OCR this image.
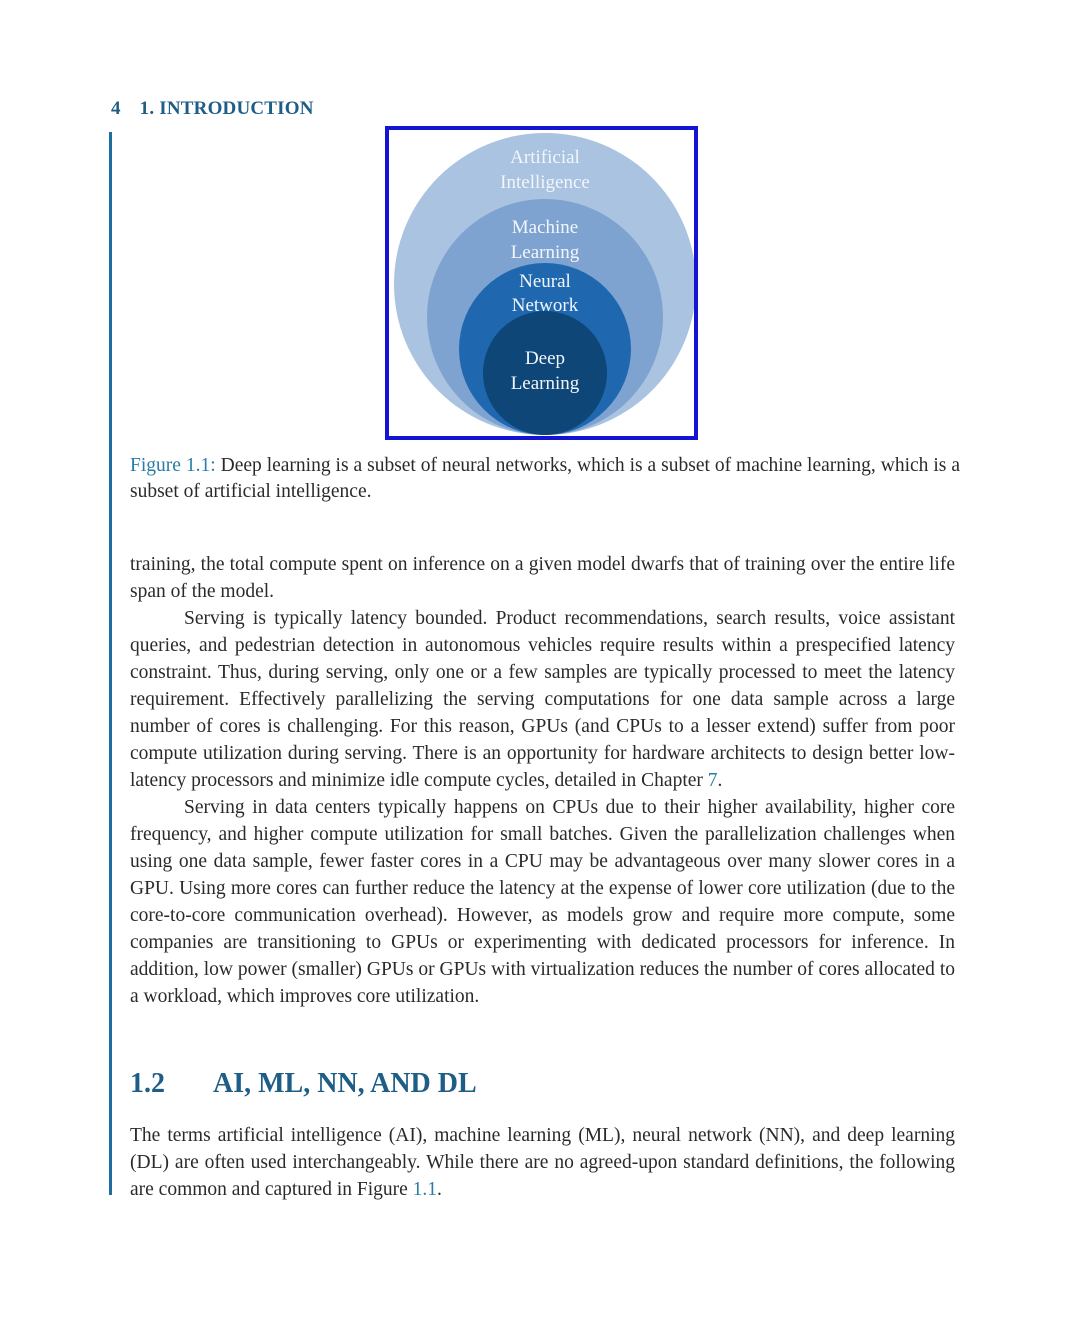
4 1. INTRODUCTION
Artificial
Intelligence
Machine
Learning
Neural
Network
Deep
Learning
Figure 1.1: Deep learning is a subset of neural networks, which is a subset of machine learning, which is a subset of artificial intelligence.

training, the total compute spent on inference on a given model dwarfs that of training over the entire life span of the model.

Serving is typically latency bounded. Product recommendations, search results, voice assistant queries, and pedestrian detection in autonomous vehicles require results within a prespecified latency constraint. Thus, during serving, only one or a few samples are typically processed to meet the latency requirement. Effectively parallelizing the serving computations for one data sample across a large number of cores is challenging. For this reason, GPUs (and CPUs to a lesser extend) suffer from poor compute utilization during serving. There is an opportunity for hardware architects to design better low-latency processors and minimize idle compute cycles, detailed in Chapter 7.

Serving in data centers typically happens on CPUs due to their higher availability, higher core frequency, and higher compute utilization for small batches. Given the parallelization challenges when using one data sample, fewer faster cores in a CPU may be advantageous over many slower cores in a GPU. Using more cores can further reduce the latency at the expense of lower core utilization (due to the core-to-core communication overhead). However, as models grow and require more compute, some companies are transitioning to GPUs or experimenting with dedicated processors for inference. In addition, low power (smaller) GPUs or GPUs with virtualization reduces the number of cores allocated to a workload, which improves core utilization.

1.2 AI, ML, NN, AND DL

The terms artificial intelligence (AI), machine learning (ML), neural network (NN), and deep learning (DL) are often used interchangeably. While there are no agreed-upon standard definitions, the following are common and captured in Figure 1.1.
